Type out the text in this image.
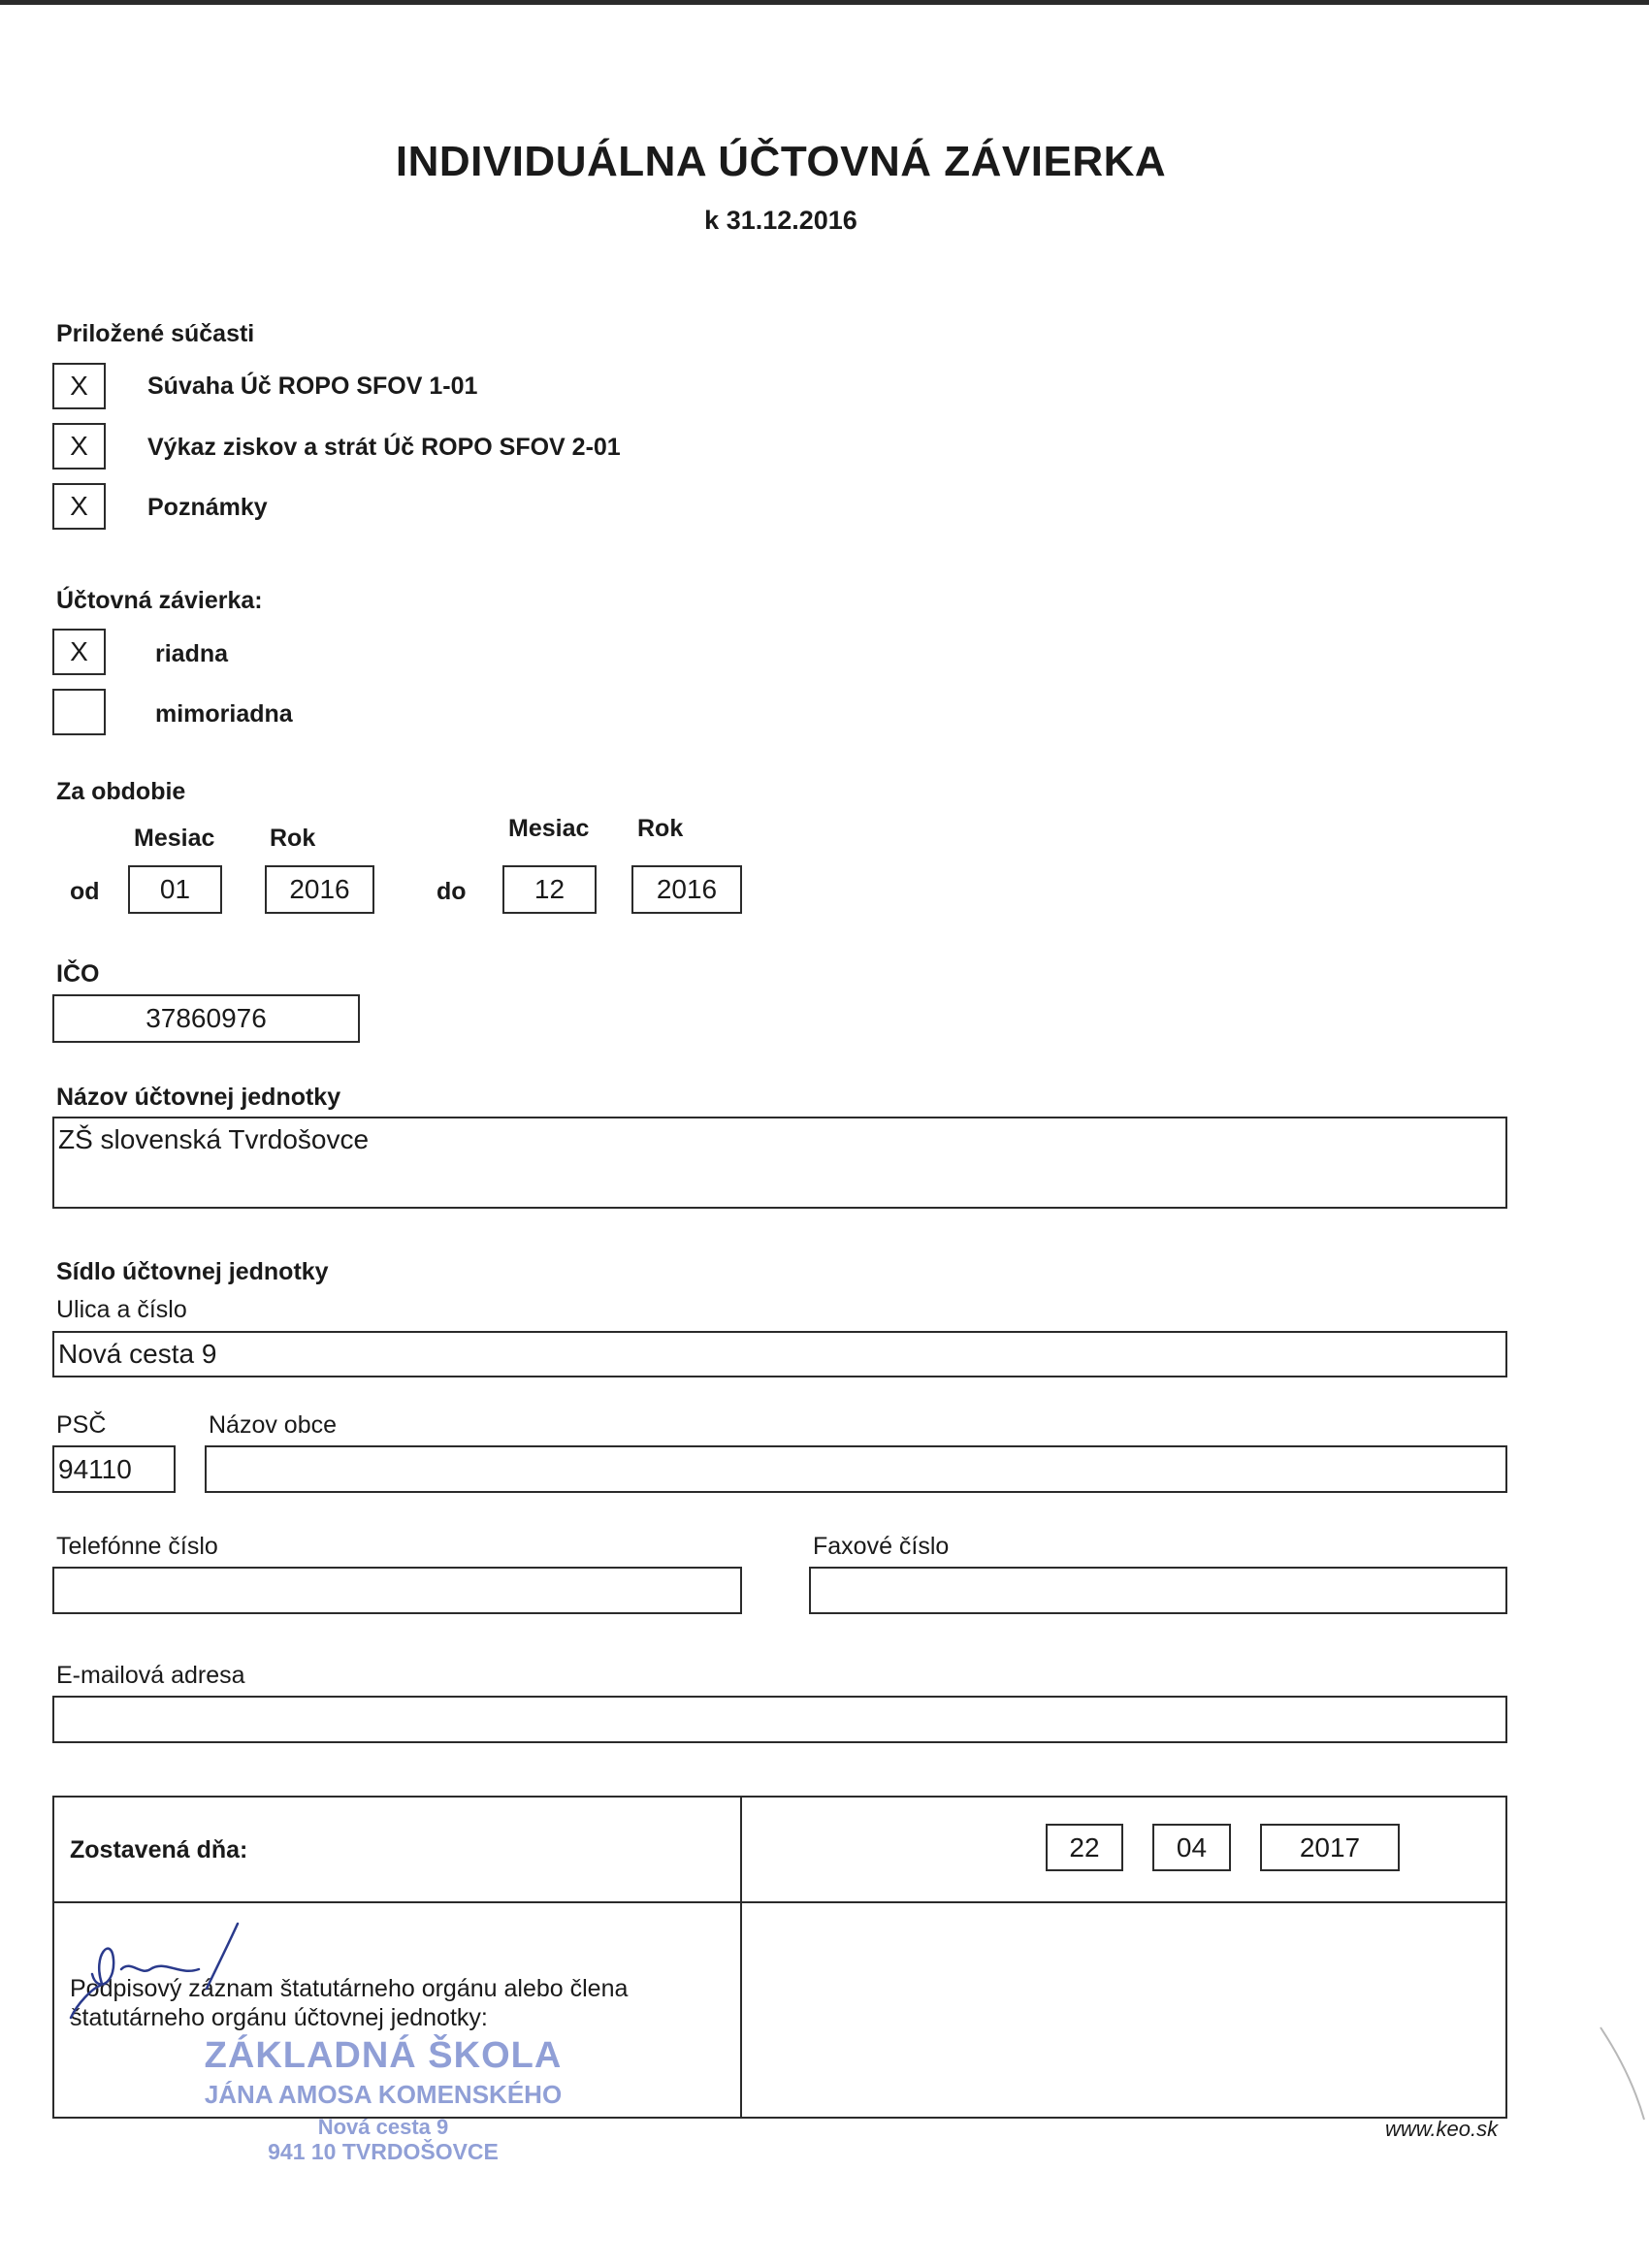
INDIVIDUÁLNA ÚČTOVNÁ ZÁVIERKA
k 31.12.2016
Priložené súčasti
X	Súvaha Úč ROPO SFOV 1-01
X	Výkaz ziskov a strát Úč ROPO SFOV 2-01
X	Poznámky
Účtovná závierka:
X	riadna
mimoriadna
Za obdobie
Mesiac Rok	Mesiac Rok
od	01	2016	do	12	2016
IČO
37860976
Názov účtovnej jednotky
ZŠ slovenská Tvrdošovce
Sídlo účtovnej jednotky
Ulica a číslo
Nová cesta 9
PSČ	Názov obce
94110
Telefónne číslo	Faxové číslo
E-mailová adresa
Zostavená dňa:	22	04	2017
Podpisový záznam štatutárneho orgánu alebo člena
štatutárneho orgánu účtovnej jednotky:
ZÁKLADNÁ ŠKOLA
JÁNA AMOSA KOMENSKÉHO
Nová cesta 9
941 10 TVRDOŠOVCE
www.keo.sk
